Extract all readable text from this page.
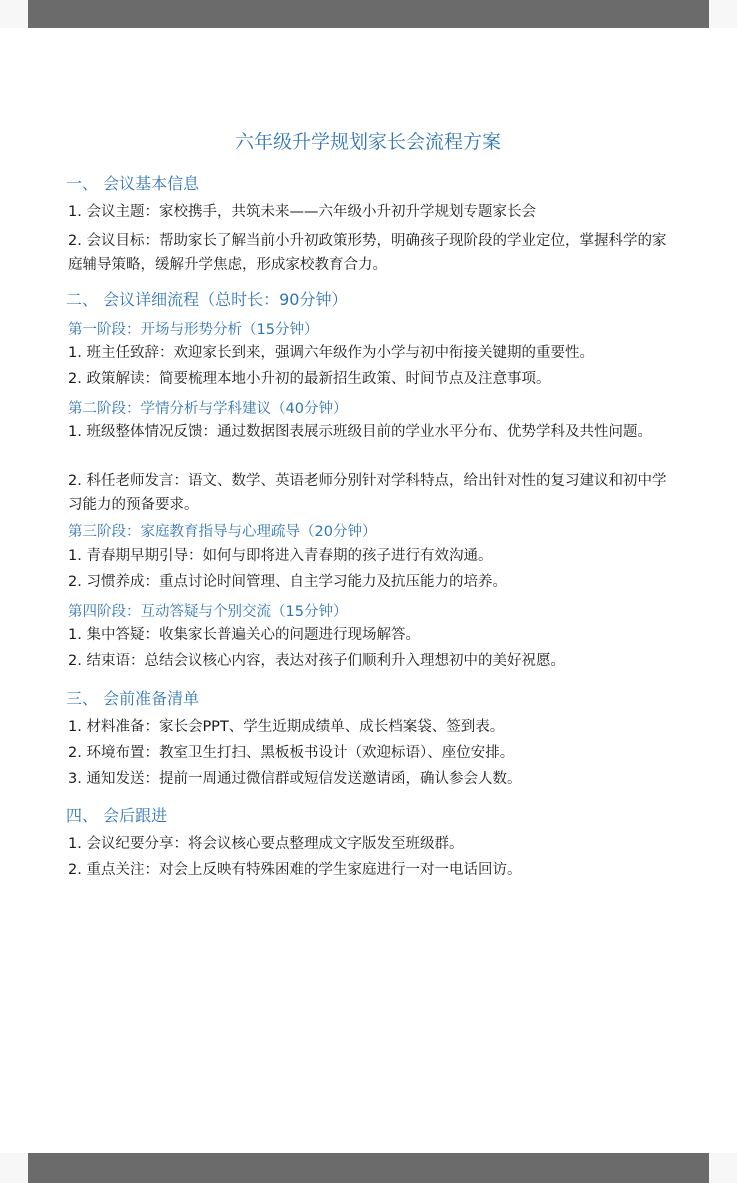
六年级升学规划家长会流程方案
一、 会议基本信息
1. 会议主题：家校携手，共筑未来——六年级小升初升学规划专题家长会
2. 会议目标：帮助家长了解当前小升初政策形势，明确孩子现阶段的学业定位，掌握科学的家庭辅导策略，缓解升学焦虑，形成家校教育合力。
二、 会议详细流程（总时长：90分钟）
第一阶段：开场与形势分析（15分钟）
1. 班主任致辞：欢迎家长到来，强调六年级作为小学与初中衔接关键期的重要性。
2. 政策解读：简要梳理本地小升初的最新招生政策、时间节点及注意事项。
第二阶段：学情分析与学科建议（40分钟）
1. 班级整体情况反馈：通过数据图表展示班级目前的学业水平分布、优势学科及共性问题。
2. 科任老师发言：语文、数学、英语老师分别针对学科特点，给出针对性的复习建议和初中学习能力的预备要求。
第三阶段：家庭教育指导与心理疏导（20分钟）
1. 青春期早期引导：如何与即将进入青春期的孩子进行有效沟通。
2. 习惯养成：重点讨论时间管理、自主学习能力及抗压能力的培养。
第四阶段：互动答疑与个别交流（15分钟）
1. 集中答疑：收集家长普遍关心的问题进行现场解答。
2. 结束语：总结会议核心内容，表达对孩子们顺利升入理想初中的美好祝愿。
三、 会前准备清单
1. 材料准备：家长会PPT、学生近期成绩单、成长档案袋、签到表。
2. 环境布置：教室卫生打扫、黑板板书设计（欢迎标语）、座位安排。
3. 通知发送：提前一周通过微信群或短信发送邀请函，确认参会人数。
四、 会后跟进
1. 会议纪要分享：将会议核心要点整理成文字版发至班级群。
2. 重点关注：对会上反映有特殊困难的学生家庭进行一对一电话回访。
